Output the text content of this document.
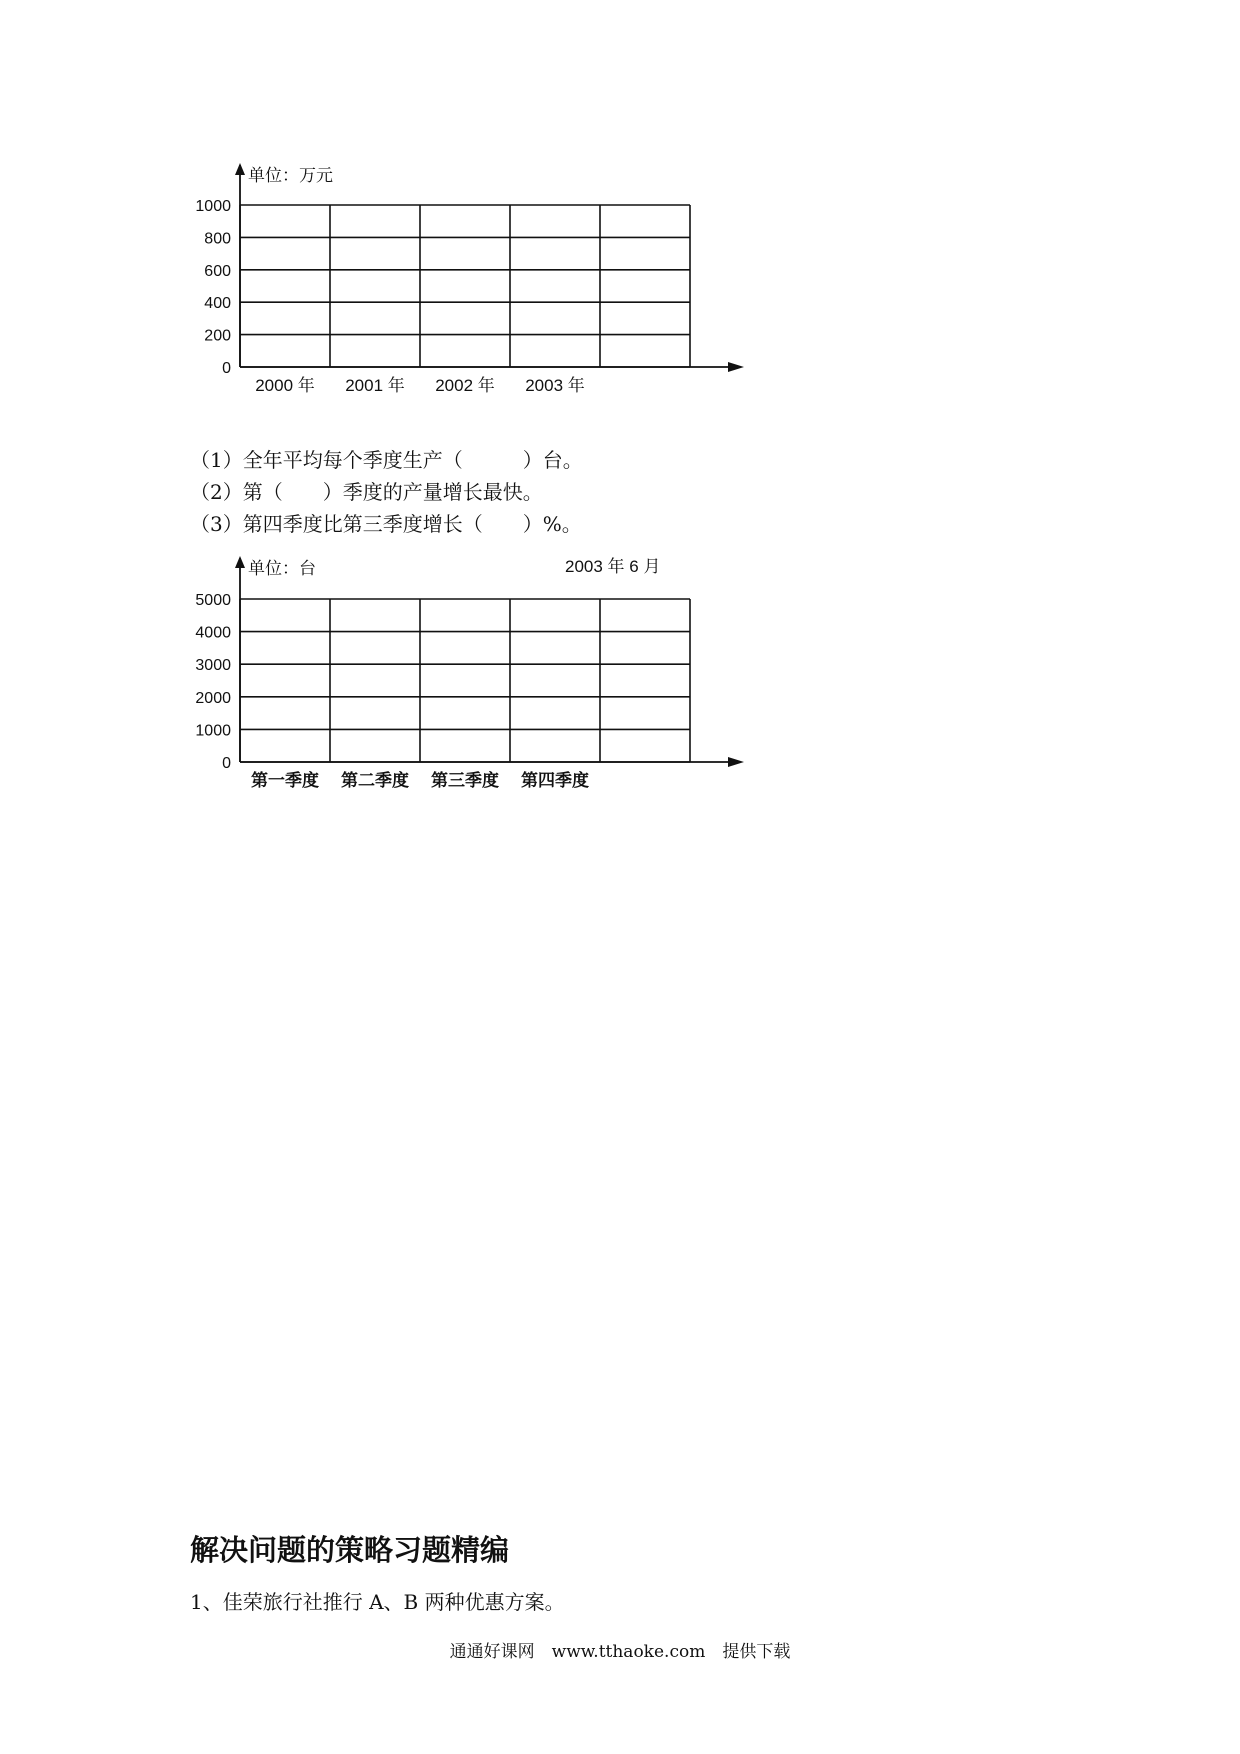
0
200
400
600
800
1000
2000 年 2001 年 2002 年 2003 年
单位：万元
（1）全年平均每个季度生产（　　　）台。
（2）第（　　）季度的产量增长最快。
（3）第四季度比第三季度增长（　　）%。
0
1000
2000
3000
4000
5000
第一季度 第二季度 第三季度 第四季度
单位：台	2003 年 6 月
解决问题的策略习题精编
1、佳荣旅行社推行 A、B 两种优惠方案。
通通好课网　www.tthaoke.com　提供下载
